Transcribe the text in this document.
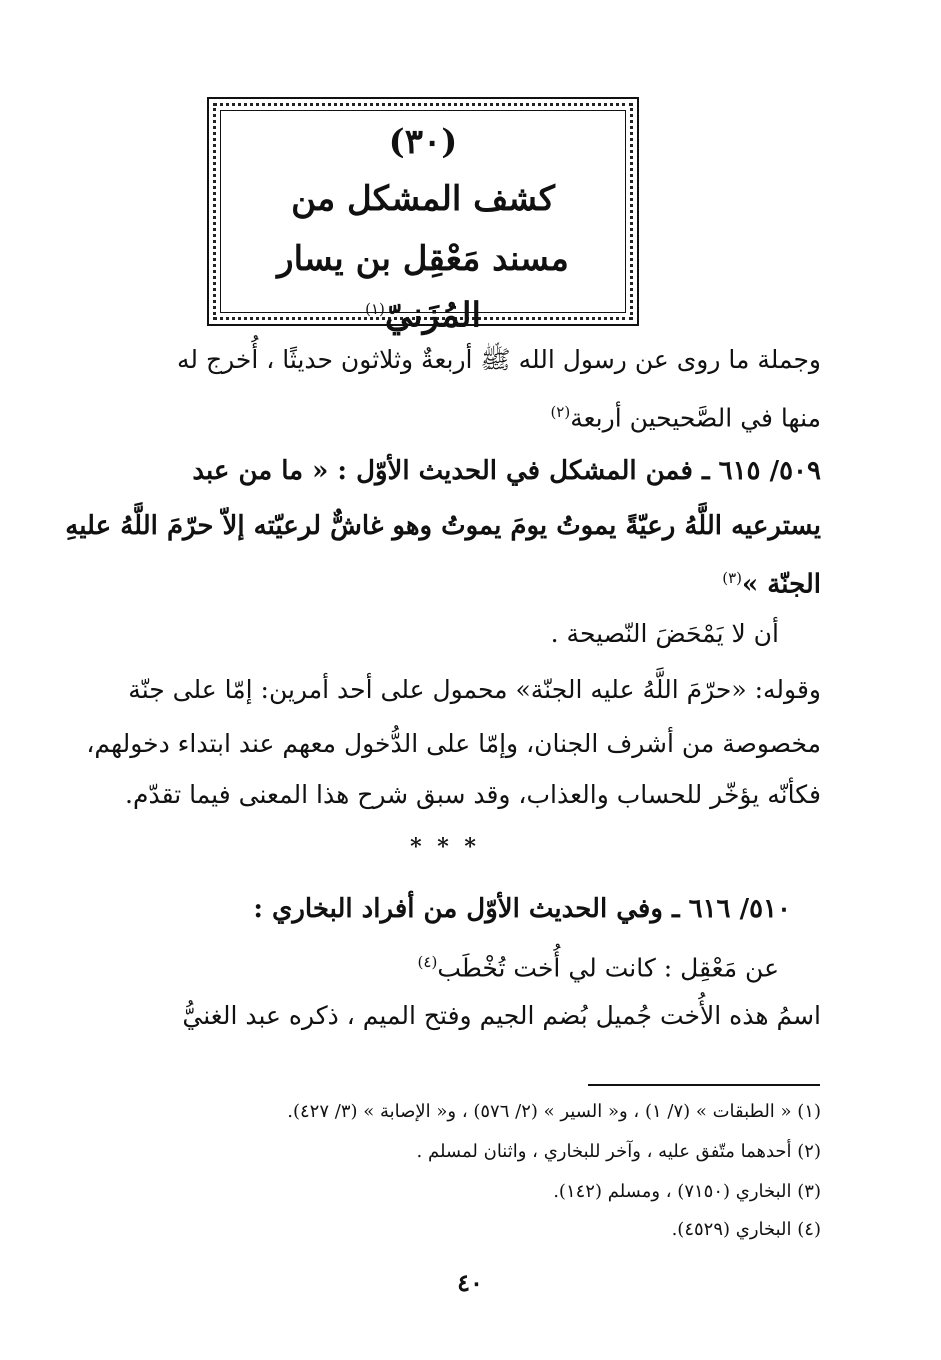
(٣٠)
كشف المشكل من
مسند مَعْقِل بن يسار المُزَنيّ$^{(١)}$
وجملة ما روى عن رسول الله ﷺ أربعةٌ وثلاثون حديثًا ، أُخرج له
منها في الصَّحيحين أربعة$^{(٢)}$
٥٠٩/ ٦١٥ ـ فمن المشكل في الحديث الأوّل : « ما من عبد
يسترعيه اللَّهُ رعيّةً يموتُ يومَ يموتُ وهو غاشٌّ لرعيّته إلاّ حرّمَ اللَّهُ عليهِ
الجنّة »$^{(٣)}$
أن لا يَمْحَضَ النّصيحة .
وقوله: «حرّمَ اللَّهُ عليه الجنّة» محمول على أحد أمرين: إمّا على جنّة
مخصوصة من أشرف الجنان، وإمّا على الدُّخول معهم عند ابتداء دخولهم،
فكأنّه يؤخّر للحساب والعذاب، وقد سبق شرح هذا المعنى فيما تقدّم.
* * *
٥١٠/ ٦١٦ ـ وفي الحديث الأوّل من أفراد البخاري :
عن مَعْقِل : كانت لي أُخت تُخْطَب$^{(٤)}$
اسمُ هذه الأُخت جُميل بُضم الجيم وفتح الميم ، ذكره عبد الغنيُّ
(١) « الطبقات » (٧/ ١) ، و« السير » (٢/ ٥٧٦) ، و« الإصابة » (٣/ ٤٢٧).
(٢) أحدهما متّفق عليه ، وآخر للبخاري ، واثنان لمسلم .
(٣) البخاري (٧١٥٠) ، ومسلم (١٤٢).
(٤) البخاري (٤٥٢٩).
٤٠
